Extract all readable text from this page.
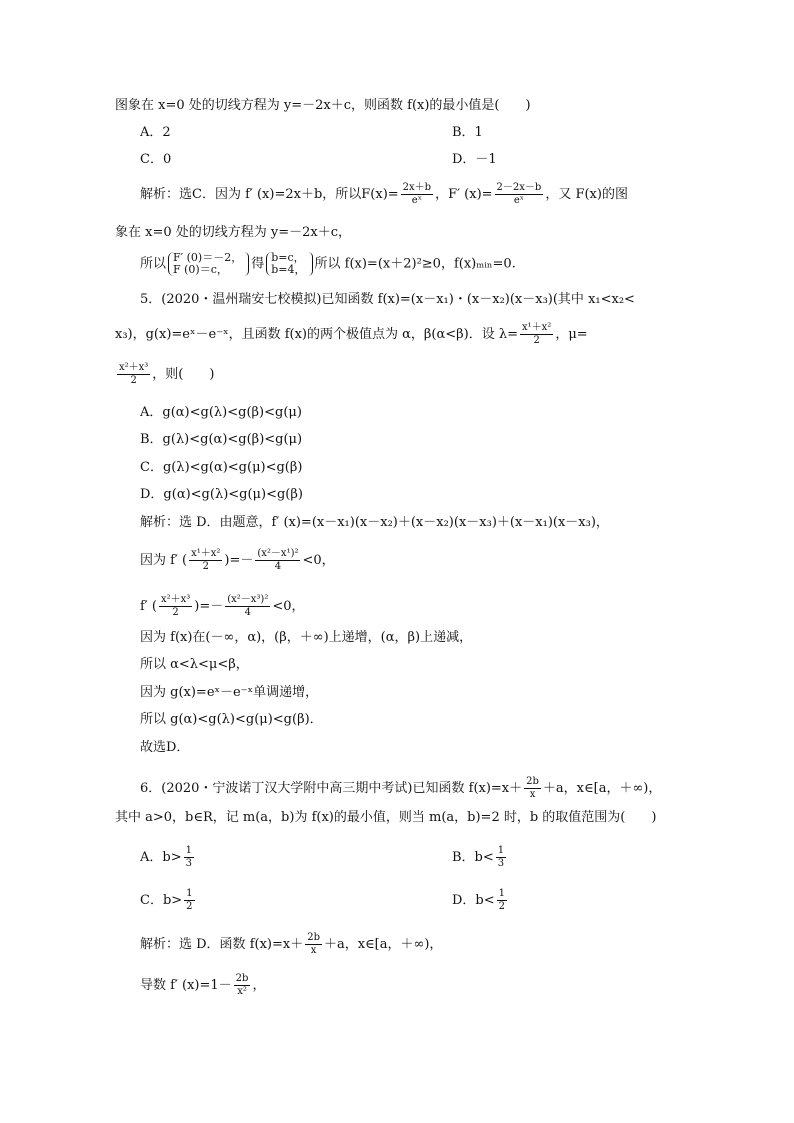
图象在 x=0 处的切线方程为 y=－2x＋c，则函数 f(x)的最小值是(　　)
A．2	B．1
C．0	D．－1
解析：选C．因为 f′ (x)=2x＋b，所以$F(x)= \frac{2x+b}{\text{eˣ}}$ ，F′ $(x)= \frac{2-2x-b}{\text{eˣ}}$ ，又 F(x)的图
象在 x=0 处的切线方程为 y=－2x＋c，
所以 F′ (0)＝－2，
F (0)＝c，	得 b=c，
b=4， 所以 f(x)=(x＋2)²≥0，f(x)ₘᵢₙ=0.
5．(2020・温州瑞安七校模拟)已知函数 f(x)=(x－x₁)・(x－x₂)(x－x₃)(其中 x₁<x₂<
x₃)，g(x)=eˣ－e⁻ˣ，且函数 f(x)的两个极值点为 α，β(α<β)．设 $\lambda= \frac{\text{x¹＋x²}}{2}$ ，μ=
$\frac{\text{x²＋x³}}{2}$ ，则(　　)
A．g(α)<g(λ)<g(β)<g(μ)
B．g(λ)<g(α)<g(β)<g(μ)
C．g(λ)<g(α)<g(μ)<g(β)
D．g(α)<g(λ)<g(μ)<g(β)
解析：选 D．由题意，f′ (x)=(x－x₁)(x－x₂)＋(x－x₂)(x－x₃)＋(x－x₁)(x－x₃)，
因为 f′ ( $\frac{\text{x¹＋x²}}{2}$ )=－ $\frac{\text{(x²－x¹)²}}{4} <0$，
f′ ( $\frac{\text{x²＋x³}}{2}$ )=－ $\frac{\text{(x²－x³)²}}{4} <0$，
因为 f(x)在(－∞，α)，(β，＋∞)上递增，(α，β)上递减，
所以 α<λ<μ<β，
因为 g(x)=eˣ－e⁻ˣ单调递增，
所以 g(α)<g(λ)<g(μ)<g(β)．
故选D．
6．(2020・宁波诺丁汉大学附中高三期中考试)已知函数 $f(x)=x+ \frac{2b}{x} +a$，x∈[a，＋∞)，
其中 a>0，b∈R，记 m(a，b)为 f(x)的最小值，则当 m(a，b)=2 时，b 的取值范围为(　　)
A．$b> \frac{1}{3}$	B．$b< \frac{1}{3}$
C．$b> \frac{1}{2}$	D．$b< \frac{1}{2}$
解析：选 D．函数 $f(x)=x+ \frac{2b}{x} +a$，x∈[a，＋∞)，
导数 f′ $(x)=1- \frac{2b}{\text{x²}}$ ，
